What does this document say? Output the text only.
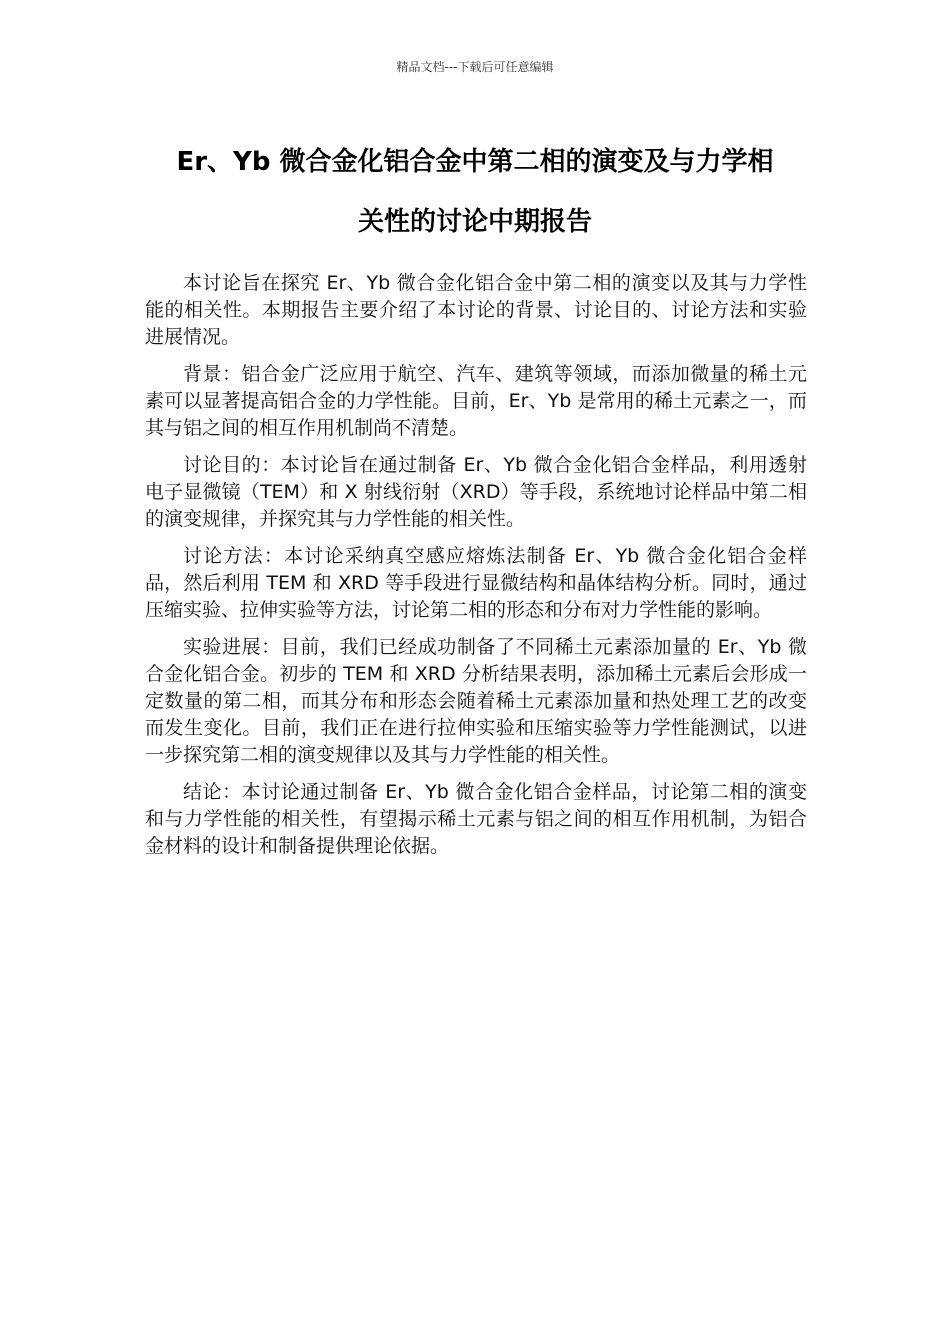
精品文档---下载后可任意编辑
Er、Yb 微合金化铝合金中第二相的演变及与力学相
关性的讨论中期报告

本讨论旨在探究 Er、Yb 微合金化铝合金中第二相的演变以及其与力学性能的相关性。本期报告主要介绍了本讨论的背景、讨论目的、讨论方法和实验进展情况。

背景：铝合金广泛应用于航空、汽车、建筑等领域，而添加微量的稀土元素可以显著提高铝合金的力学性能。目前，Er、Yb 是常用的稀土元素之一，而其与铝之间的相互作用机制尚不清楚。

讨论目的：本讨论旨在通过制备 Er、Yb 微合金化铝合金样品，利用透射电子显微镜（TEM）和 X 射线衍射（XRD）等手段，系统地讨论样品中第二相的演变规律，并探究其与力学性能的相关性。

讨论方法：本讨论采纳真空感应熔炼法制备 Er、Yb 微合金化铝合金样品，然后利用 TEM 和 XRD 等手段进行显微结构和晶体结构分析。同时，通过压缩实验、拉伸实验等方法，讨论第二相的形态和分布对力学性能的影响。

实验进展：目前，我们已经成功制备了不同稀土元素添加量的 Er、Yb 微合金化铝合金。初步的 TEM 和 XRD 分析结果表明，添加稀土元素后会形成一定数量的第二相，而其分布和形态会随着稀土元素添加量和热处理工艺的改变而发生变化。目前，我们正在进行拉伸实验和压缩实验等力学性能测试，以进一步探究第二相的演变规律以及其与力学性能的相关性。

结论：本讨论通过制备 Er、Yb 微合金化铝合金样品，讨论第二相的演变和与力学性能的相关性，有望揭示稀土元素与铝之间的相互作用机制，为铝合金材料的设计和制备提供理论依据。
